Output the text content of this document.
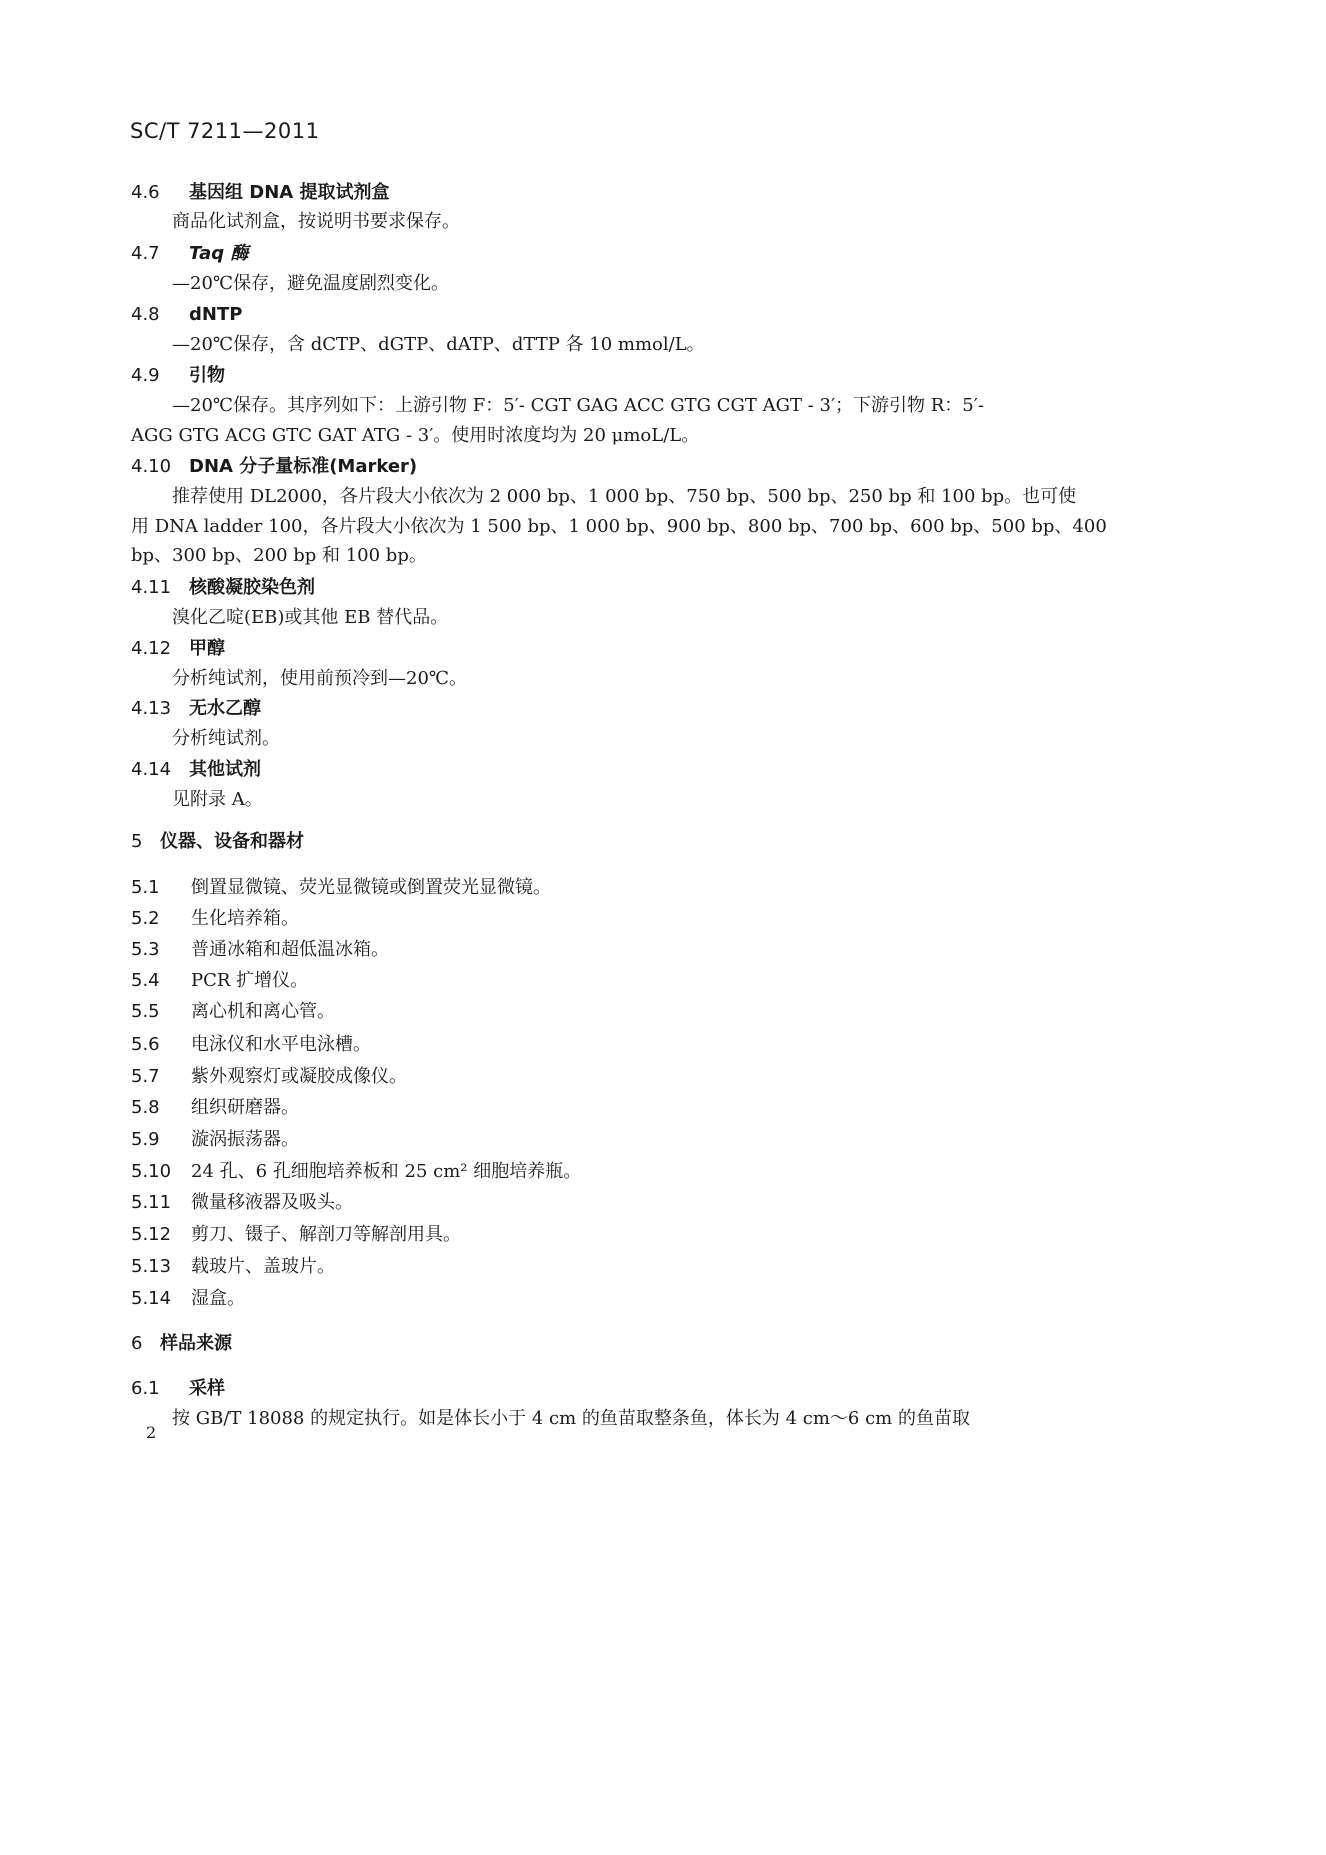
SC/T 7211—2011
4.6 基因组 DNA 提取试剂盒
商品化试剂盒，按说明书要求保存。
4.7 Taq 酶
—20℃保存，避免温度剧烈变化。
4.8 dNTP
—20℃保存，含 dCTP、dGTP、dATP、dTTP 各 10 mmol/L。
4.9 引物
—20℃保存。其序列如下：上游引物 F：5′- CGT GAG ACC GTG CGT AGT - 3′；下游引物 R：5′-
AGG GTG ACG GTC GAT ATG - 3′。使用时浓度均为 20 μmoL/L。
4.10 DNA 分子量标准(Marker)
推荐使用 DL2000，各片段大小依次为 2 000 bp、1 000 bp、750 bp、500 bp、250 bp 和 100 bp。也可使
用 DNA ladder 100，各片段大小依次为 1 500 bp、1 000 bp、900 bp、800 bp、700 bp、600 bp、500 bp、400
bp、300 bp、200 bp 和 100 bp。
4.11 核酸凝胶染色剂
溴化乙啶(EB)或其他 EB 替代品。
4.12 甲醇
分析纯试剂，使用前预冷到—20℃。
4.13 无水乙醇
分析纯试剂。
4.14 其他试剂
见附录 A。
5 仪器、设备和器材
5.1 倒置显微镜、荧光显微镜或倒置荧光显微镜。
5.2 生化培养箱。
5.3 普通冰箱和超低温冰箱。
5.4 PCR 扩增仪。
5.5 离心机和离心管。
5.6 电泳仪和水平电泳槽。
5.7 紫外观察灯或凝胶成像仪。
5.8 组织研磨器。
5.9 漩涡振荡器。
5.10 24 孔、6 孔细胞培养板和 25 cm² 细胞培养瓶。
5.11 微量移液器及吸头。
5.12 剪刀、镊子、解剖刀等解剖用具。
5.13 载玻片、盖玻片。
5.14 湿盒。
6 样品来源
6.1 采样
按 GB/T 18088 的规定执行。如是体长小于 4 cm 的鱼苗取整条鱼，体长为 4 cm～6 cm 的鱼苗取
2
